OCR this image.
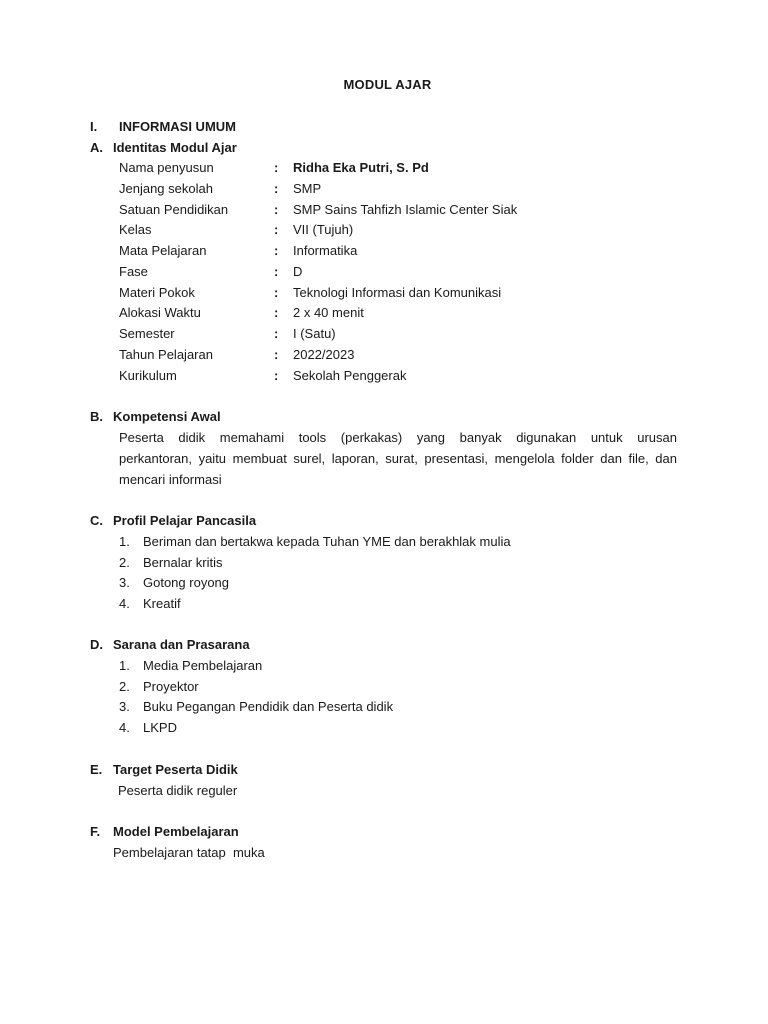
MODUL AJAR
I. INFORMASI UMUM
A. Identitas Modul Ajar
Nama penyusun	: Ridha Eka Putri, S. Pd
Jenjang sekolah	: SMP
Satuan Pendidikan	: SMP Sains Tahfizh Islamic Center Siak
Kelas	: VII (Tujuh)
Mata Pelajaran	: Informatika
Fase	: D
Materi Pokok	: Teknologi Informasi dan Komunikasi
Alokasi Waktu	: 2 x 40 menit
Semester	: I (Satu)
Tahun Pelajaran	: 2022/2023
Kurikulum	: Sekolah Penggerak
B. Kompetensi Awal
Peserta didik memahami tools (perkakas) yang banyak digunakan untuk urusan
perkantoran, yaitu membuat surel, laporan, surat, presentasi, mengelola folder dan file, dan
mencari informasi
C. Profil Pelajar Pancasila
1. Beriman dan bertakwa kepada Tuhan YME dan berakhlak mulia
2. Bernalar kritis
3. Gotong royong
4. Kreatif
D. Sarana dan Prasarana
1. Media Pembelajaran
2. Proyektor
3. Buku Pegangan Pendidik dan Peserta didik
4. LKPD
E. Target Peserta Didik
Peserta didik reguler
F. Model Pembelajaran
Pembelajaran tatap  muka
